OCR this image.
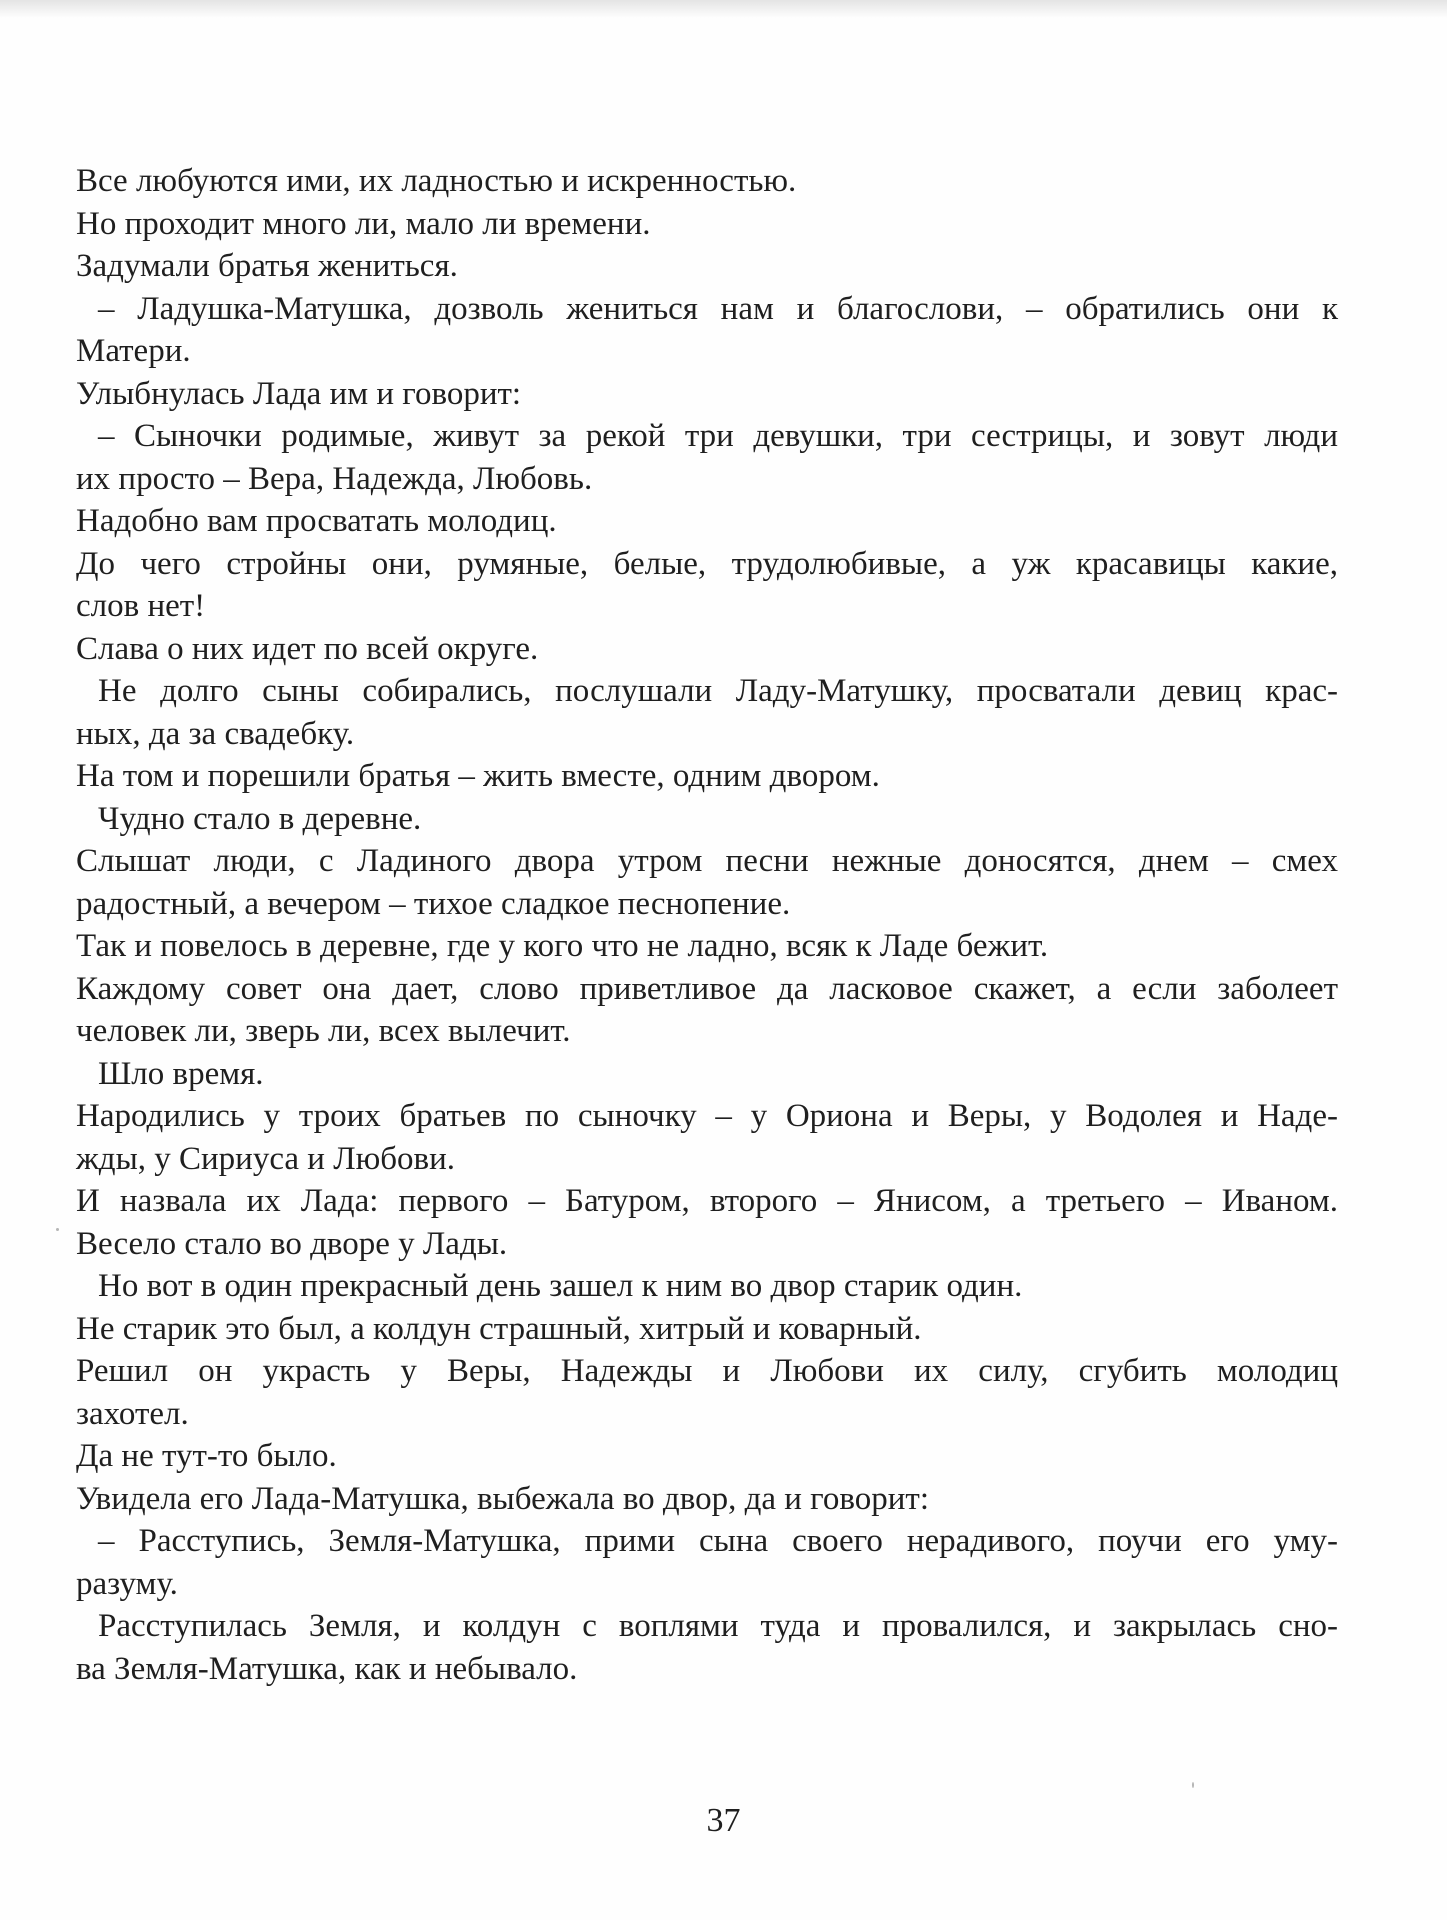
Все любуются ими, их ладностью и искренностью.
Но проходит много ли, мало ли времени.
Задумали братья жениться.
– Ладушка-Матушка, дозволь жениться нам и благослови, – обратились они к
Матери.
Улыбнулась Лада им и говорит:
– Сыночки родимые, живут за рекой три девушки, три сестрицы, и зовут люди
их просто – Вера, Надежда, Любовь.
Надобно вам просватать молодиц.
До чего стройны они, румяные, белые, трудолюбивые, а уж красавицы какие,
слов нет!
Слава о них идет по всей округе.
Не долго сыны собирались, послушали Ладу-Матушку, просватали девиц крас-
ных, да за свадебку.
На том и порешили братья – жить вместе, одним двором.
Чудно стало в деревне.
Слышат люди, с Ладиного двора утром песни нежные доносятся, днем – смех
радостный, а вечером – тихое сладкое песнопение.
Так и повелось в деревне, где у кого что не ладно, всяк к Ладе бежит.
Каждому совет она дает, слово приветливое да ласковое скажет, а если заболеет
человек ли, зверь ли, всех вылечит.
Шло время.
Народились у троих братьев по сыночку – у Ориона и Веры, у Водолея и Наде-
жды, у Сириуса и Любови.
И назвала их Лада: первого – Батуром, второго – Янисом, а третьего – Иваном.
Весело стало во дворе у Лады.
Но вот в один прекрасный день зашел к ним во двор старик один.
Не старик это был, а колдун страшный, хитрый и коварный.
Решил он украсть у Веры, Надежды и Любови их силу, сгубить молодиц
захотел.
Да не тут-то было.
Увидела его Лада-Матушка, выбежала во двор, да и говорит:
– Расступись, Земля-Матушка, прими сына своего нерадивого, поучи его уму-
разуму.
Расступилась Земля, и колдун с воплями туда и провалился, и закрылась сно-
ва Земля-Матушка, как и небывало.
37
